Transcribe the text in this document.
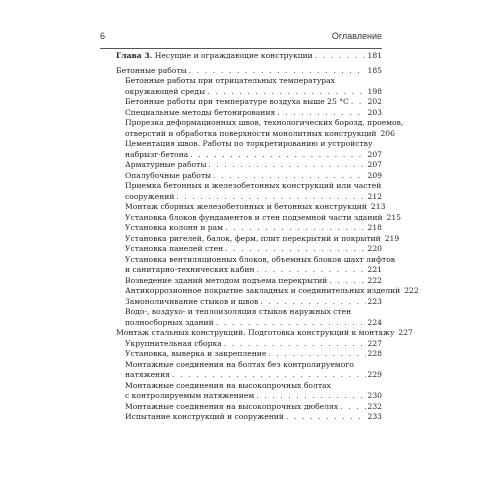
6	Оглавление
Глава 3. Несущие и ограждающие конструкции . . .	181
Бетонные работы . . .	185
Бетонные работы при отрицательных температурах
окружающей среды . . .	198
Бетонные работы при температуре воздуха выше 25 °С . . . 202
Специальные методы бетонирования . . .	203
Прорезка деформационных швов, технологических борозд, проемов,
отверстий и обработка поверхности монолитных конструкций 206
Цементация швов. Работы по торкретированию и устройству
набрызг-бетона . . .	207
Арматурные работы . . .	207
Опалубочные работы . . .	209
Приемка бетонных и железобетонных конструкций или частей
сооружений . . .	212
Монтаж сборных железобетонных и бетонных конструкций 213
Установка блоков фундаментов и стен подземной части зданий 215
Установка колонн и рам . . .	218
Установка ригелей, балок, ферм, плит перекрытий и покрытий 219
Установка панелей стен . . .	220
Установка вентиляционных блоков, объемных блоков шахт лифтов
и санитарно-технических кабин . . .	221
Возведение зданий методом подъема перекрытий . . .	222
Антикоррозионное покрытие закладных и соединительных изделий 222
Замоноличивание стыков и швов . . .	223
Водо-, воздухо- и теплоизоляция стыков наружных стен
полносборных зданий . . .	224
Монтаж стальных конструкций. Подготовка конструкций к монтажу 227
Укрупнительная сборка . . .	227
Установка, выверка и закрепление . . .	228
Монтажные соединения на болтах без контролируемого
натяжения . . .	229
Монтажные соединения на высокопрочных болтах
с контролируемым натяжением . . .	230
Монтажные соединения на высокопрочных дюбелях . . .	232
Испытание конструкций и сооружений . . .	233
